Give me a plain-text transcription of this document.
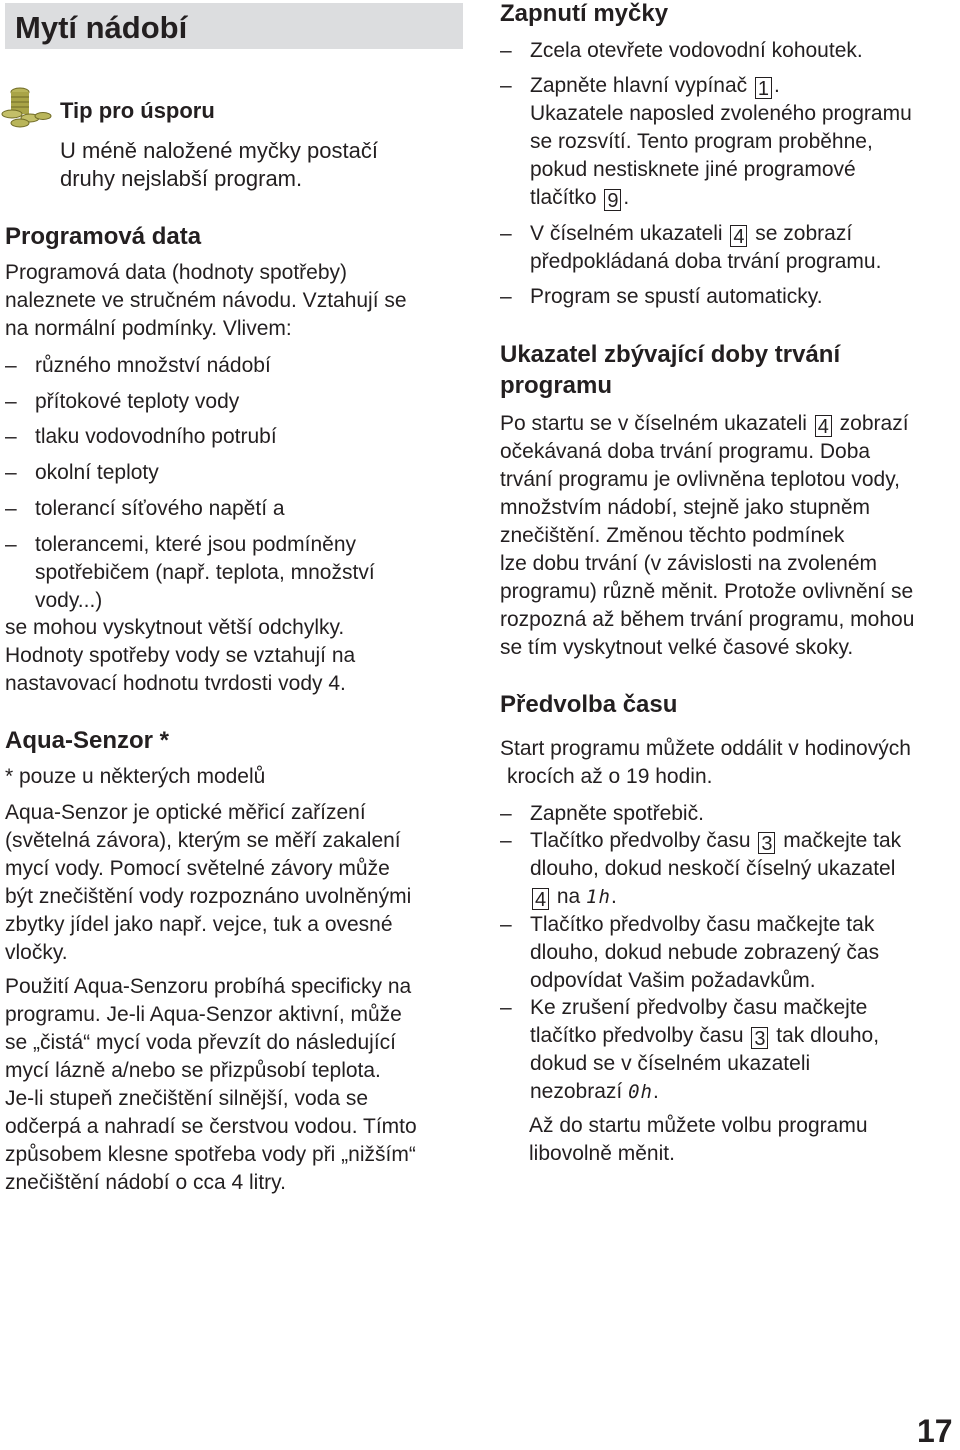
Mytí nádobí
Tip pro úsporu
U méně naložené myčky postačí
druhy nejslabší program.
Programová data
Programová data (hodnoty spotřeby)
naleznete ve stručném návodu. Vztahují se
na normální podmínky. Vlivem:
– různého množství nádobí
– přítokové teploty vody
– tlaku vodovodního potrubí
– okolní teploty
– tolerancí síťového napětí a
– tolerancemi, které jsou podmíněny
spotřebičem (např. teplota, množství
vody...)
se mohou vyskytnout větší odchylky.
Hodnoty spotřeby vody se vztahují na
nastavovací hodnotu tvrdosti vody 4.
Aqua-Senzor *
* pouze u některých modelů
Aqua-Senzor je optické měřicí zařízení
(světelná závora), kterým se měří zakalení
mycí vody. Pomocí světelné závory může
být znečištění vody rozpoznáno uvolněnými
zbytky jídel jako např. vejce, tuk a ovesné
vločky.
Použití Aqua-Senzoru probíhá specificky na
programu. Je-li Aqua-Senzor aktivní, může
se „čistá“ mycí voda převzít do následující
mycí lázně a/nebo se přizpůsobí teplota.
Je-li stupeň znečištění silnější, voda se
odčerpá a nahradí se čerstvou vodou. Tímto
způsobem klesne spotřeba vody při „nižším“
znečištění nádobí o cca 4 litry.
Zapnutí myčky
– Zcela otevřete vodovodní kohoutek.
– Zapněte hlavní vypínač 1 .
Ukazatele naposled zvoleného programu
se rozsvítí. Tento program proběhne,
pokud nestisknete jiné programové
tlačítko 9 .
– V číselném ukazateli 4 se zobrazí
předpokládaná doba trvání programu.
– Program se spustí automaticky.
Ukazatel zbývající doby trvání
programu
Po startu se v číselném ukazateli 4 zobrazí
očekávaná doba trvání programu. Doba
trvání programu je ovlivněna teplotou vody,
množstvím nádobí, stejně jako stupněm
znečištění. Změnou těchto podmínek
lze dobu trvání (v závislosti na zvoleném
programu) různě měnit. Protože ovlivnění se
rozpozná až během trvání programu, mohou
se tím vyskytnout velké časové skoky.
Předvolba času
Start programu můžete oddálit v hodinových
krocích až o 19 hodin.
– Zapněte spotřebič.
– Tlačítko předvolby času 3 mačkejte tak
dlouho, dokud neskočí číselný ukazatel
4 na 1h.
– Tlačítko předvolby času mačkejte tak
dlouho, dokud nebude zobrazený čas
odpovídat Vašim požadavkům.
– Ke zrušení předvolby času mačkejte
tlačítko předvolby času 3 tak dlouho,
dokud se v číselném ukazateli
nezobrazí 0h.
Až do startu můžete volbu programu
libovolně měnit.
17
